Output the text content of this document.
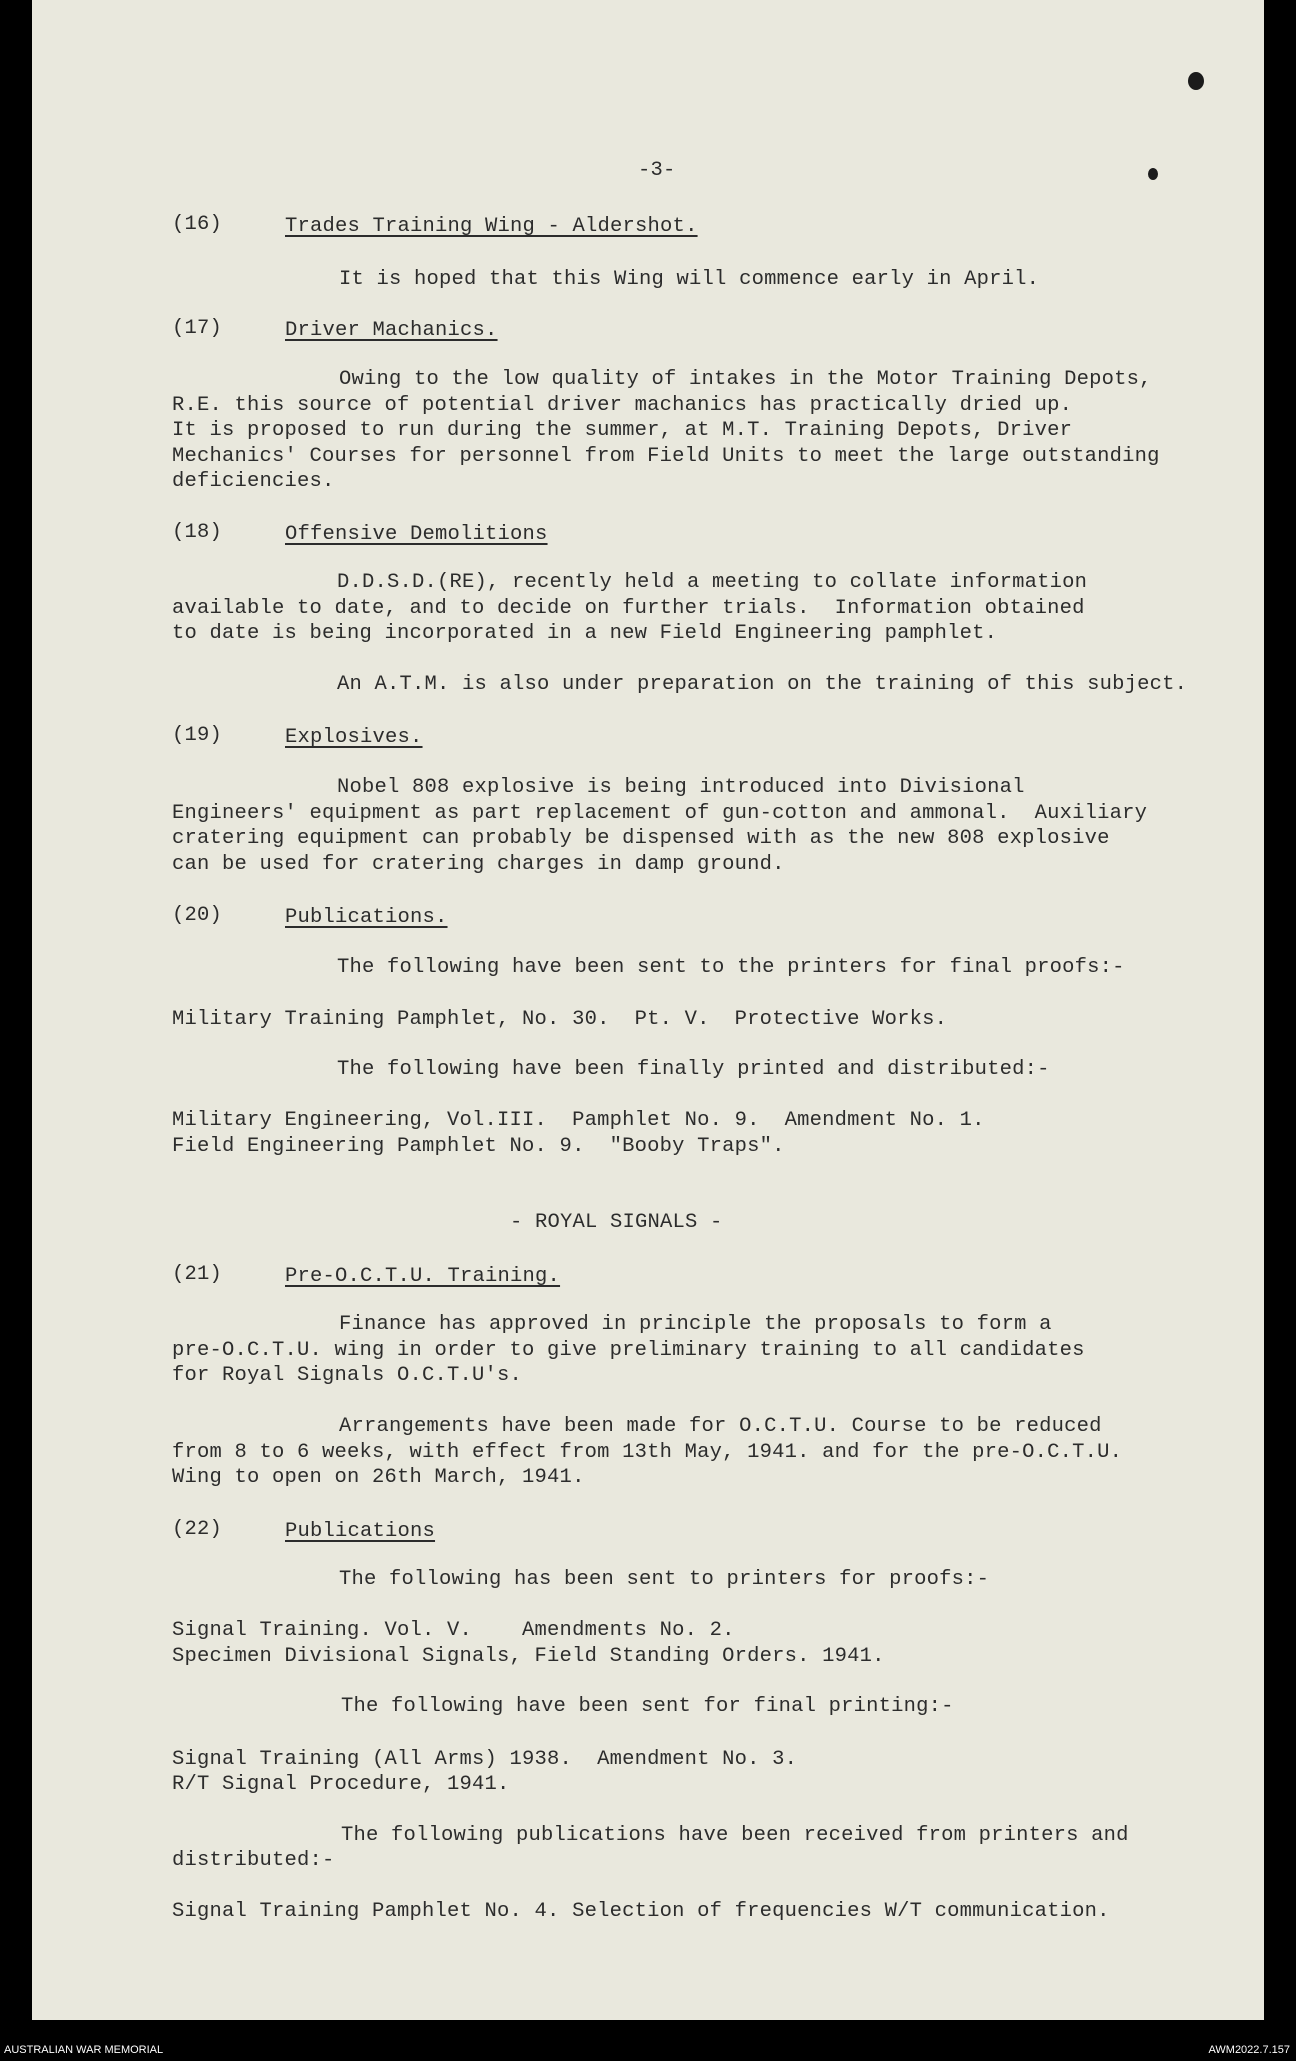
-3-
(16)	Trades Training Wing - Aldershot.
It is hoped that this Wing will commence early in April.
(17)	Driver Machanics.
Owing to the low quality of intakes in the Motor Training Depots,
R.E. this source of potential driver machanics has practically dried up.
It is proposed to run during the summer, at M.T. Training Depots, Driver
Mechanics' Courses for personnel from Field Units to meet the large outstanding
deficiencies.
(18)	Offensive Demolitions
D.D.S.D.(RE), recently held a meeting to collate information
available to date, and to decide on further trials.  Information obtained
to date is being incorporated in a new Field Engineering pamphlet.
An A.T.M. is also under preparation on the training of this subject.
(19)	Explosives.
Nobel 808 explosive is being introduced into Divisional
Engineers' equipment as part replacement of gun-cotton and ammonal.  Auxiliary
cratering equipment can probably be dispensed with as the new 808 explosive
can be used for cratering charges in damp ground.
(20)	Publications.
The following have been sent to the printers for final proofs:-
Military Training Pamphlet, No. 30.  Pt. V.  Protective Works.
The following have been finally printed and distributed:-
Military Engineering, Vol.III.  Pamphlet No. 9.  Amendment No. 1.
Field Engineering Pamphlet No. 9.  "Booby Traps".
- ROYAL SIGNALS -
(21)	Pre-O.C.T.U. Training.
Finance has approved in principle the proposals to form a
pre-O.C.T.U. wing in order to give preliminary training to all candidates
for Royal Signals O.C.T.U's.
Arrangements have been made for O.C.T.U. Course to be reduced
from 8 to 6 weeks, with effect from 13th May, 1941. and for the pre-O.C.T.U.
Wing to open on 26th March, 1941.
(22)	Publications
The following has been sent to printers for proofs:-
Signal Training. Vol. V.    Amendments No. 2.
Specimen Divisional Signals, Field Standing Orders. 1941.
The following have been sent for final printing:-
Signal Training (All Arms) 1938.  Amendment No. 3.
R/T Signal Procedure, 1941.
The following publications have been received from printers and
distributed:-
Signal Training Pamphlet No. 4. Selection of frequencies W/T communication.
AUSTRALIAN WAR MEMORIAL	AWM2022.7.157
